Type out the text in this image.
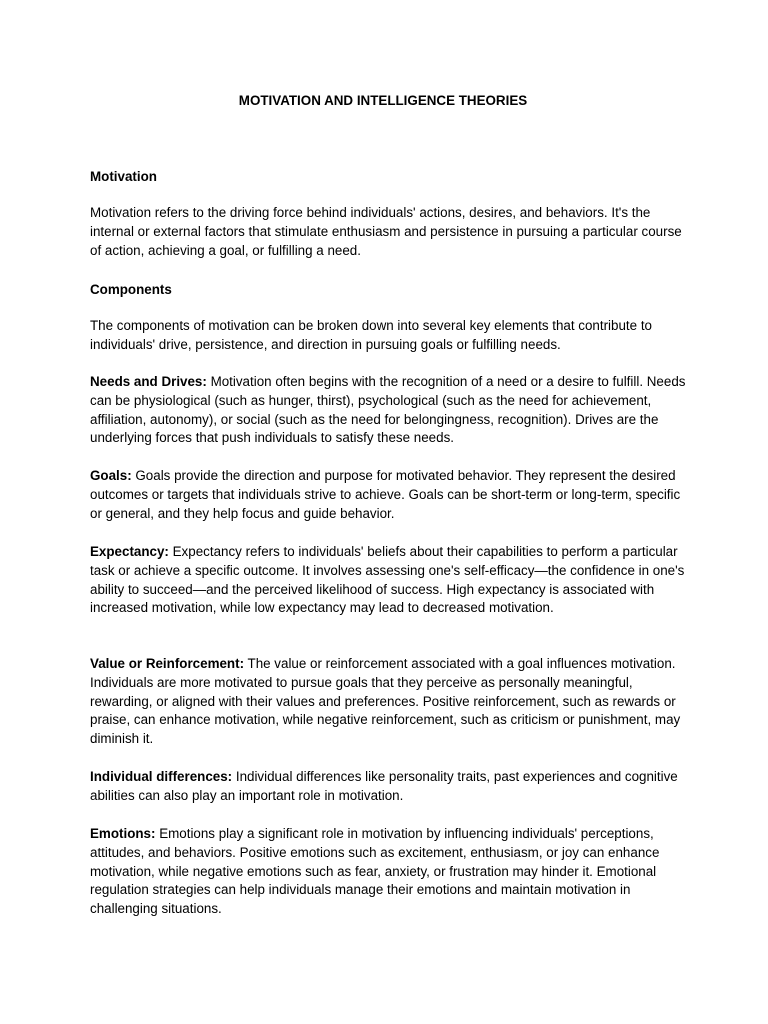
MOTIVATION AND INTELLIGENCE THEORIES
Motivation

Motivation refers to the driving force behind individuals' actions, desires, and behaviors. It's the internal or external factors that stimulate enthusiasm and persistence in pursuing a particular course of action, achieving a goal, or fulfilling a need.

Components

The components of motivation can be broken down into several key elements that contribute to individuals' drive, persistence, and direction in pursuing goals or fulfilling needs.

Needs and Drives: Motivation often begins with the recognition of a need or a desire to fulfill. Needs can be physiological (such as hunger, thirst), psychological (such as the need for achievement, affiliation, autonomy), or social (such as the need for belongingness, recognition). Drives are the underlying forces that push individuals to satisfy these needs.

Goals: Goals provide the direction and purpose for motivated behavior. They represent the desired outcomes or targets that individuals strive to achieve. Goals can be short-term or long-term, specific or general, and they help focus and guide behavior.

Expectancy: Expectancy refers to individuals' beliefs about their capabilities to perform a particular task or achieve a specific outcome. It involves assessing one's self-efficacy—the confidence in one's ability to succeed—and the perceived likelihood of success. High expectancy is associated with increased motivation, while low expectancy may lead to decreased motivation.

Value or Reinforcement: The value or reinforcement associated with a goal influences motivation. Individuals are more motivated to pursue goals that they perceive as personally meaningful, rewarding, or aligned with their values and preferences. Positive reinforcement, such as rewards or praise, can enhance motivation, while negative reinforcement, such as criticism or punishment, may diminish it.

Individual differences: Individual differences like personality traits, past experiences and cognitive abilities can also play an important role in motivation.

Emotions: Emotions play a significant role in motivation by influencing individuals' perceptions, attitudes, and behaviors. Positive emotions such as excitement, enthusiasm, or joy can enhance motivation, while negative emotions such as fear, anxiety, or frustration may hinder it. Emotional regulation strategies can help individuals manage their emotions and maintain motivation in challenging situations.
